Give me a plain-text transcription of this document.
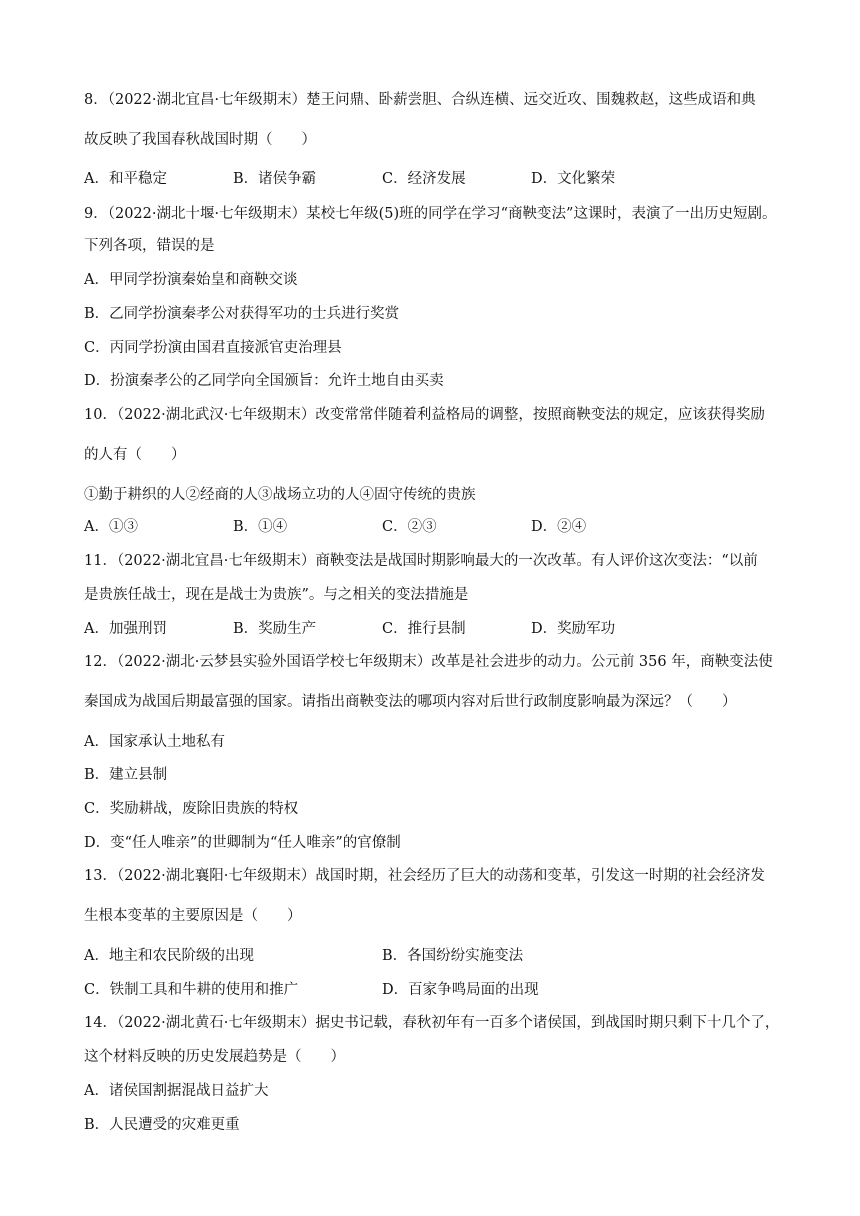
8．（2022·湖北宜昌·七年级期末）楚王问鼎、卧薪尝胆、合纵连横、远交近攻、围魏救赵，这些成语和典
故反映了我国春秋战国时期（　　）
A．和平稳定	B．诸侯争霸	C．经济发展	D．文化繁荣
9．（2022·湖北十堰·七年级期末）某校七年级(5)班的同学在学习“商鞅变法”这课时，表演了一出历史短剧。
下列各项，错误的是
A．甲同学扮演秦始皇和商鞅交谈
B．乙同学扮演秦孝公对获得军功的士兵进行奖赏
C．丙同学扮演由国君直接派官吏治理县
D．扮演秦孝公的乙同学向全国颁旨：允许土地自由买卖
10．（2022·湖北武汉·七年级期末）改变常常伴随着利益格局的调整，按照商鞅变法的规定，应该获得奖励
的人有（　　）
①勤于耕织的人②经商的人③战场立功的人④固守传统的贵族
A．①③	B．①④	C．②③	D．②④
11．（2022·湖北宜昌·七年级期末）商鞅变法是战国时期影响最大的一次改革。有人评价这次变法：“以前
是贵族任战士，现在是战士为贵族”。与之相关的变法措施是
A．加强刑罚	B．奖励生产	C．推行县制	D．奖励军功
12．（2022·湖北·云梦县实验外国语学校七年级期末）改革是社会进步的动力。公元前 356 年，商鞅变法使
秦国成为战国后期最富强的国家。请指出商鞅变法的哪项内容对后世行政制度影响最为深远？（　　）
A．国家承认土地私有
B．建立县制
C．奖励耕战，废除旧贵族的特权
D．变“任人唯亲”的世卿制为“任人唯亲”的官僚制
13．（2022·湖北襄阳·七年级期末）战国时期，社会经历了巨大的动荡和变革，引发这一时期的社会经济发
生根本变革的主要原因是（　　）
A．地主和农民阶级的出现	B．各国纷纷实施变法
C．铁制工具和牛耕的使用和推广	D．百家争鸣局面的出现
14．（2022·湖北黄石·七年级期末）据史书记载，春秋初年有一百多个诸侯国，到战国时期只剩下十几个了，
这个材料反映的历史发展趋势是（　　）
A．诸侯国割据混战日益扩大
B．人民遭受的灾难更重
